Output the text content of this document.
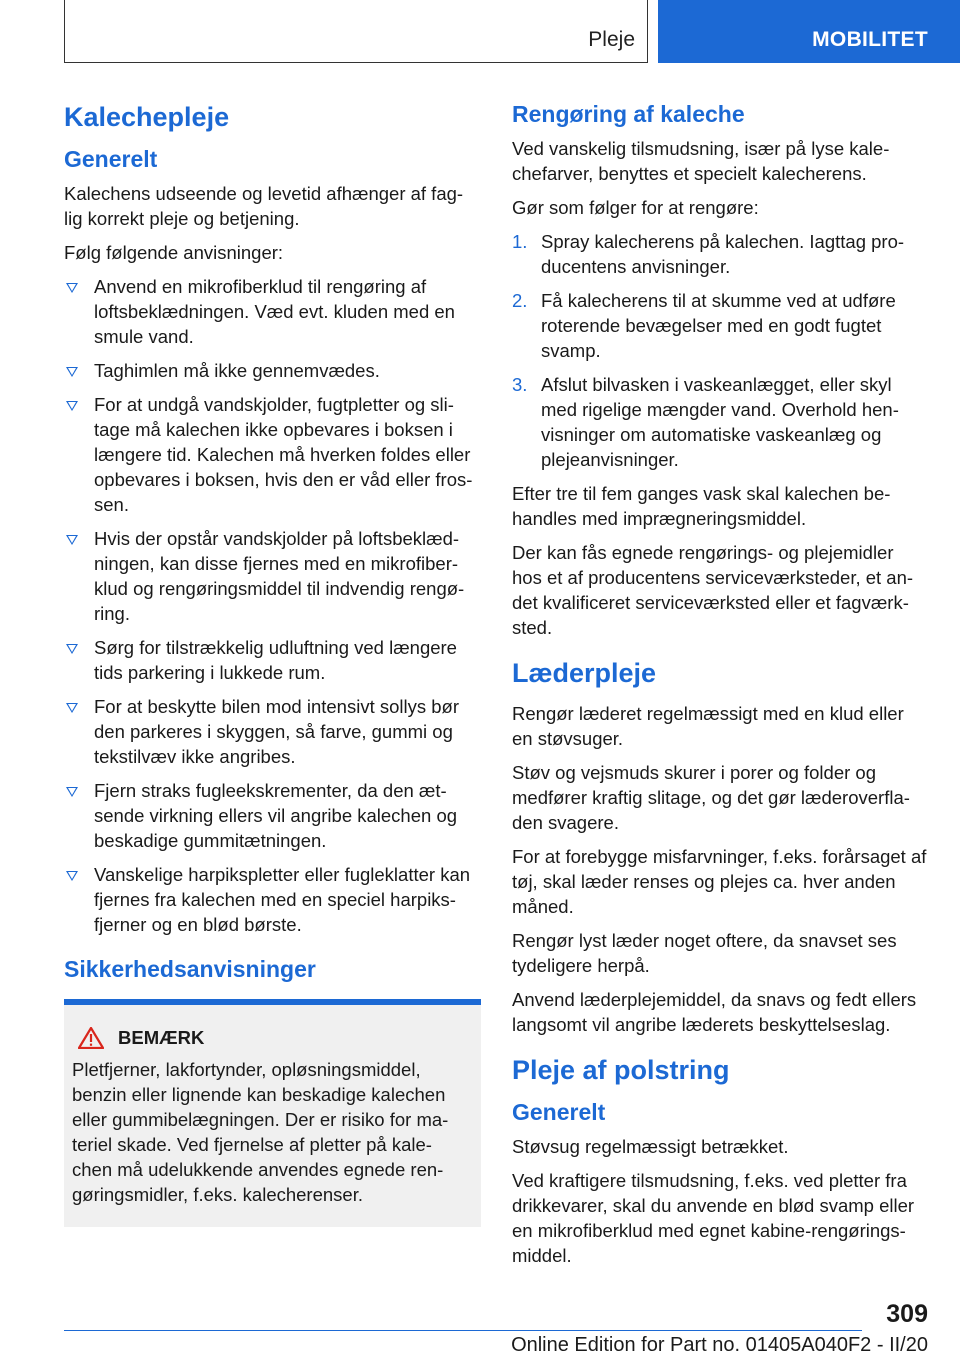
Pleje	MOBILITET
Kalechepleje
Generelt

Kalechens udseende og levetid afhænger af fag-lig korrekt pleje og betjening.

Følg følgende anvisninger:

Anvend en mikrofiberklud til rengøring af loftsbeklædningen. Væd evt. kluden med en smule vand.
Taghimlen må ikke gennemvædes.
For at undgå vandskjolder, fugtpletter og sli-tage må kalechen ikke opbevares i boksen i længere tid. Kalechen må hverken foldes eller opbevares i boksen, hvis den er våd eller fros-sen.
Hvis der opstår vandskjolder på loftsbeklæd-ningen, kan disse fjernes med en mikrofiber-klud og rengøringsmiddel til indvendig rengø-ring.
Sørg for tilstrækkelig udluftning ved længere tids parkering i lukkede rum.
For at beskytte bilen mod intensivt sollys bør den parkeres i skyggen, så farve, gummi og tekstilvæv ikke angribes.
Fjern straks fugleekskrementer, da den æt-sende virkning ellers vil angribe kalechen og beskadige gummitætningen.
Vanskelige harpikspletter eller fugleklatter kan fjernes fra kalechen med en speciel harpiks-fjerner og en blød børste.
Sikkerhedsanvisninger
BEMÆRK

Pletfjerner, lakfortynder, opløsningsmiddel, benzin eller lignende kan beskadige kalechen eller gummibelægningen. Der er risiko for ma-teriel skade. Ved fjernelse af pletter på kale-chen må udelukkende anvendes egnede ren-gøringsmidler, f.eks. kalecherenser.

Rengøring af kaleche

Ved vanskelig tilsmudsning, især på lyse kale-chefarver, benyttes et specielt kalecherens.

Gør som følger for at rengøre:

1. Spray kalecherens på kalechen. Iagttag pro-ducentens anvisninger.
2. Få kalecherens til at skumme ved at udføre roterende bevægelser med en godt fugtet svamp.
3. Afslut bilvasken i vaskeanlægget, eller skyl med rigelige mængder vand. Overhold hen-visninger om automatiske vaskeanlæg og plejeanvisninger.

Efter tre til fem ganges vask skal kalechen be-handles med imprægneringsmiddel.

Der kan fås egnede rengørings- og plejemidler hos et af producentens serviceværksteder, et an-det kvalificeret serviceværksted eller et fagværk-sted.

Læderpleje

Rengør læderet regelmæssigt med en klud eller en støvsuger.

Støv og vejsmuds skurer i porer og folder og medfører kraftig slitage, og det gør læderoverfla-den svagere.

For at forebygge misfarvninger, f.eks. forårsaget af tøj, skal læder renses og plejes ca. hver anden måned.

Rengør lyst læder noget oftere, da snavset ses tydeligere herpå.

Anvend læderplejemiddel, da snavs og fedt ellers langsomt vil angribe læderets beskyttelseslag.

Pleje af polstring
Generelt

Støvsug regelmæssigt betrækket.

Ved kraftigere tilsmudsning, f.eks. ved pletter fra drikkevarer, skal du anvende en blød svamp eller en mikrofiberklud med egnet kabine-rengørings-middel.

309
Online Edition for Part no. 01405A040F2 - II/20
